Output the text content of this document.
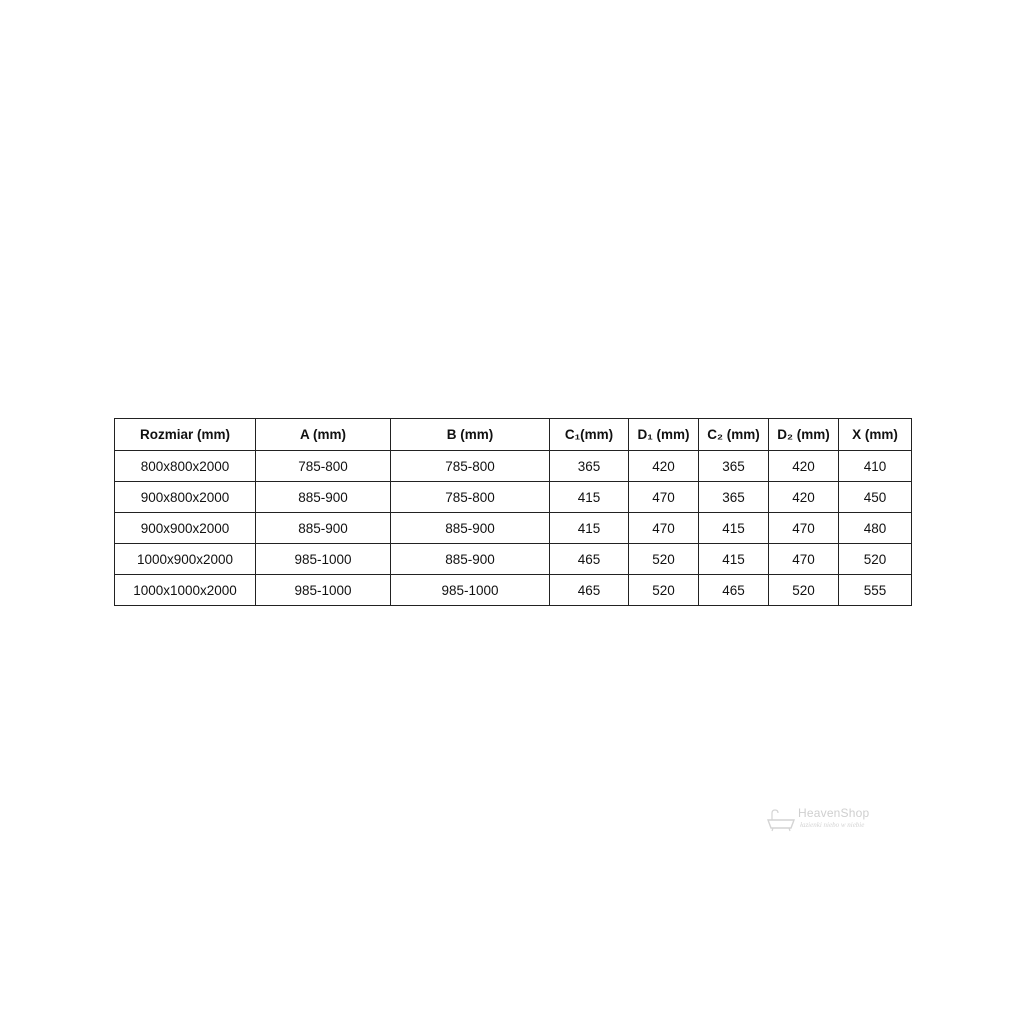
Rozmiar (mm)	A (mm)	B (mm)	C₁(mm)	D₁ (mm)	C₂ (mm)	D₂ (mm)	X (mm)
800x800x2000	785-800	785-800	365	420	365	420	410
900x800x2000	885-900	785-800	415	470	365	420	450
900x900x2000	885-900	885-900	415	470	415	470	480
1000x900x2000	985-1000	885-900	465	520	415	470	520
1000x1000x2000	985-1000	985-1000	465	520	465	520	555
HeavenShop
łazienki niebo w niebie
